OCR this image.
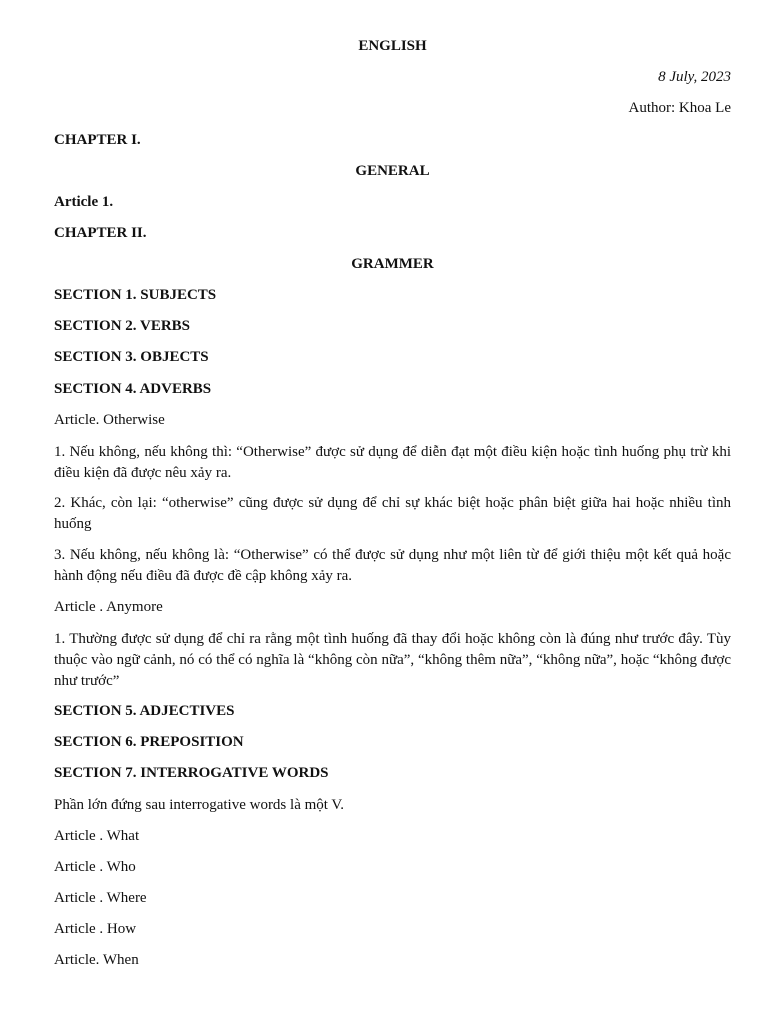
ENGLISH
8 July, 2023
Author: Khoa Le
CHAPTER I.
GENERAL
Article 1.
CHAPTER II.
GRAMMER
SECTION 1. SUBJECTS
SECTION 2. VERBS
SECTION 3. OBJECTS
SECTION 4. ADVERBS
Article. Otherwise
1. Nếu không, nếu không thì: “Otherwise” được sử dụng để diễn đạt một điều kiện hoặc tình huống phụ trừ khi điều kiện đã được nêu xảy ra.
2. Khác, còn lại: “otherwise” cũng được sử dụng để chỉ sự khác biệt hoặc phân biệt giữa hai hoặc nhiều tình huống
3. Nếu không, nếu không là: “Otherwise” có thể được sử dụng như một liên từ để giới thiệu một kết quả hoặc hành động nếu điều đã được đề cập không xảy ra.
Article . Anymore
1. Thường được sử dụng để chỉ ra rằng một tình huống đã thay đổi hoặc không còn là đúng như trước đây. Tùy thuộc vào ngữ cảnh, nó có thể có nghĩa là “không còn nữa”, “không thêm nữa”, “không nữa”, hoặc “không được như trước”
SECTION 5. ADJECTIVES
SECTION 6. PREPOSITION
SECTION 7. INTERROGATIVE WORDS
Phần lớn đứng sau interrogative words là một V.
Article . What
Article . Who
Article . Where
Article . How
Article. When
